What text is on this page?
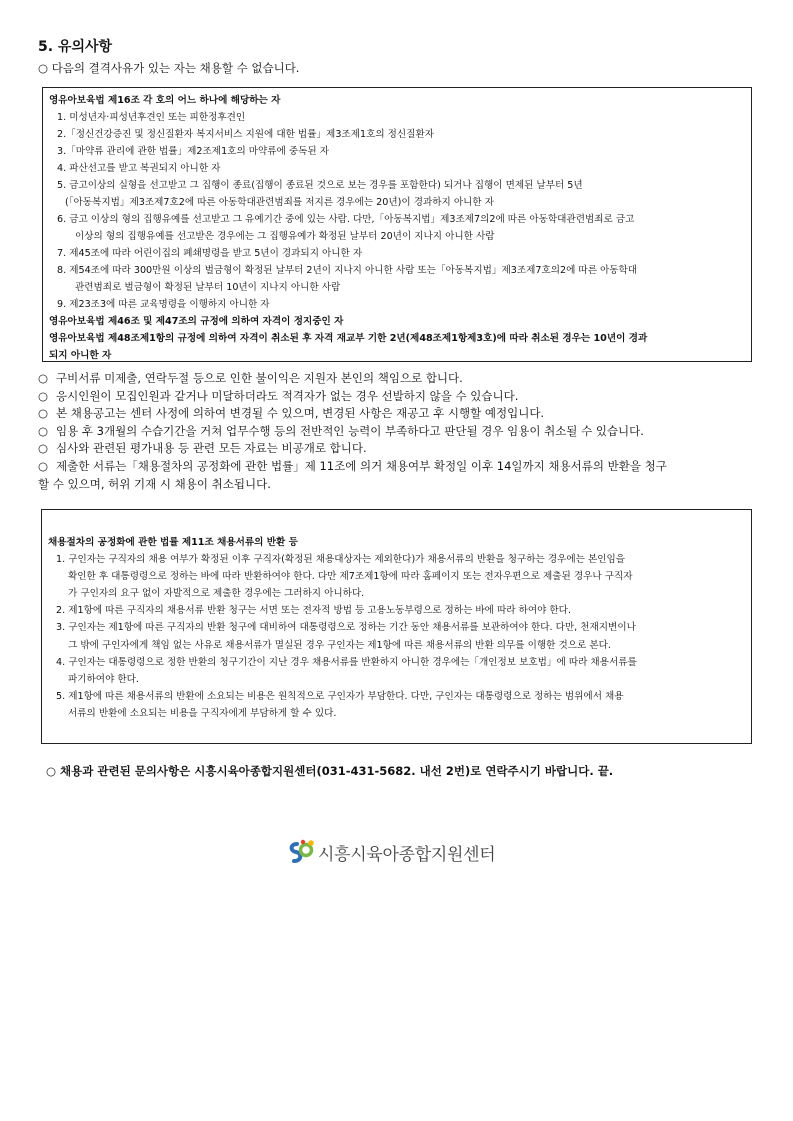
5. 유의사항
○ 다음의 결격사유가 있는 자는 채용할 수 없습니다.
영유아보육법 제16조 각 호의 어느 하나에 해당하는 자
1. 미성년자·피성년후견인 또는 피한정후견인
2.「정신건강증진 및 정신질환자 복지서비스 지원에 대한 법률」제3조제1호의 정신질환자
3.「마약류 관리에 관한 법률」제2조제1호의 마약류에 중독된 자
4. 파산선고를 받고 복권되지 아니한 자
5. 금고이상의 실형을 선고받고 그 집행이 종료(집행이 종료된 것으로 보는 경우를 포함한다) 되거나 집행이 면제된 날부터 5년
(「아동복지법」제3조제7호2에 따른 아동학대관련범죄를 저지른 경우에는 20년)이 경과하지 아니한 자
6. 금고 이상의 형의 집행유예를 선고받고 그 유예기간 중에 있는 사람. 다만,「아동복지법」제3조제7의2에 따른 아동학대관련범죄로 금고
이상의 형의 집행유예를 선고받은 경우에는 그 집행유예가 확정된 날부터 20년이 지나지 아니한 사람
7. 제45조에 따라 어린이집의 폐쇄명령을 받고 5년이 경과되지 아니한 자
8. 제54조에 따라 300만원 이상의 벌금형이 확정된 날부터 2년이 지나지 아니한 사람 또는「아동복지법」제3조제7호의2에 따른 아동학대
관련범죄로 벌금형이 확정된 날부터 10년이 지나지 아니한 사람
9. 제23조3에 따른 교육명령을 이행하지 아니한 자
영유아보육법 제46조 및 제47조의 규정에 의하여 자격이 정지중인 자
영유아보육법 제48조제1항의 규정에 의하여 자격이 취소된 후 자격 재교부 기한 2년(제48조제1항제3호)에 따라 취소된 경우는 10년이 경과
되지 아니한 자
○ 구비서류 미제출, 연락두절 등으로 인한 불이익은 지원자 본인의 책임으로 합니다.
○ 응시인원이 모집인원과 같거나 미달하더라도 적격자가 없는 경우 선발하지 않을 수 있습니다.
○ 본 채용공고는 센터 사정에 의하여 변경될 수 있으며, 변경된 사항은 재공고 후 시행할 예정입니다.
○ 임용 후 3개월의 수습기간을 거쳐 업무수행 등의 전반적인 능력이 부족하다고 판단될 경우 임용이 취소될 수 있습니다.
○ 심사와 관련된 평가내용 등 관련 모든 자료는 비공개로 합니다.
○ 제출한 서류는「채용절차의 공정화에 관한 법률」제 11조에 의거 채용여부 확정일 이후 14일까지 채용서류의 반환을 청구
할 수 있으며, 허위 기재 시 채용이 취소됩니다.
채용절차의 공정화에 관한 법률 제11조 채용서류의 반환 등
1. 구인자는 구직자의 채용 여부가 확정된 이후 구직자(확정된 채용대상자는 제외한다)가 채용서류의 반환을 청구하는 경우에는 본인임을
확인한 후 대통령령으로 정하는 바에 따라 반환하여야 한다. 다만 제7조제1항에 따라 홈페이지 또는 전자우편으로 제출된 경우나 구직자
가 구인자의 요구 없이 자발적으로 제출한 경우에는 그러하지 아니하다.
2. 제1항에 따른 구직자의 채용서류 반환 청구는 서면 또는 전자적 방법 등 고용노동부령으로 정하는 바에 따라 하여야 한다.
3. 구인자는 제1항에 따른 구직자의 반환 청구에 대비하여 대통령령으로 정하는 기간 동안 채용서류를 보관하여야 한다. 다만, 천재지변이나
그 밖에 구인자에게 책임 없는 사유로 채용서류가 멸실된 경우 구인자는 제1항에 따른 채용서류의 반환 의무를 이행한 것으로 본다.
4. 구인자는 대통령령으로 정한 반환의 청구기간이 지난 경우 채용서류를 반환하지 아니한 경우에는「개인정보 보호법」에 따라 채용서류를
파기하여야 한다.
5. 제1항에 따른 채용서류의 반환에 소요되는 비용은 원칙적으로 구인자가 부담한다. 다만, 구인자는 대통령령으로 정하는 범위에서 채용
서류의 반환에 소요되는 비용을 구직자에게 부담하게 할 수 있다.
○ 채용과 관련된 문의사항은 시흥시육아종합지원센터(031-431-5682. 내선 2번)로 연락주시기 바랍니다. 끝.
시흥시육아종합지원센터
